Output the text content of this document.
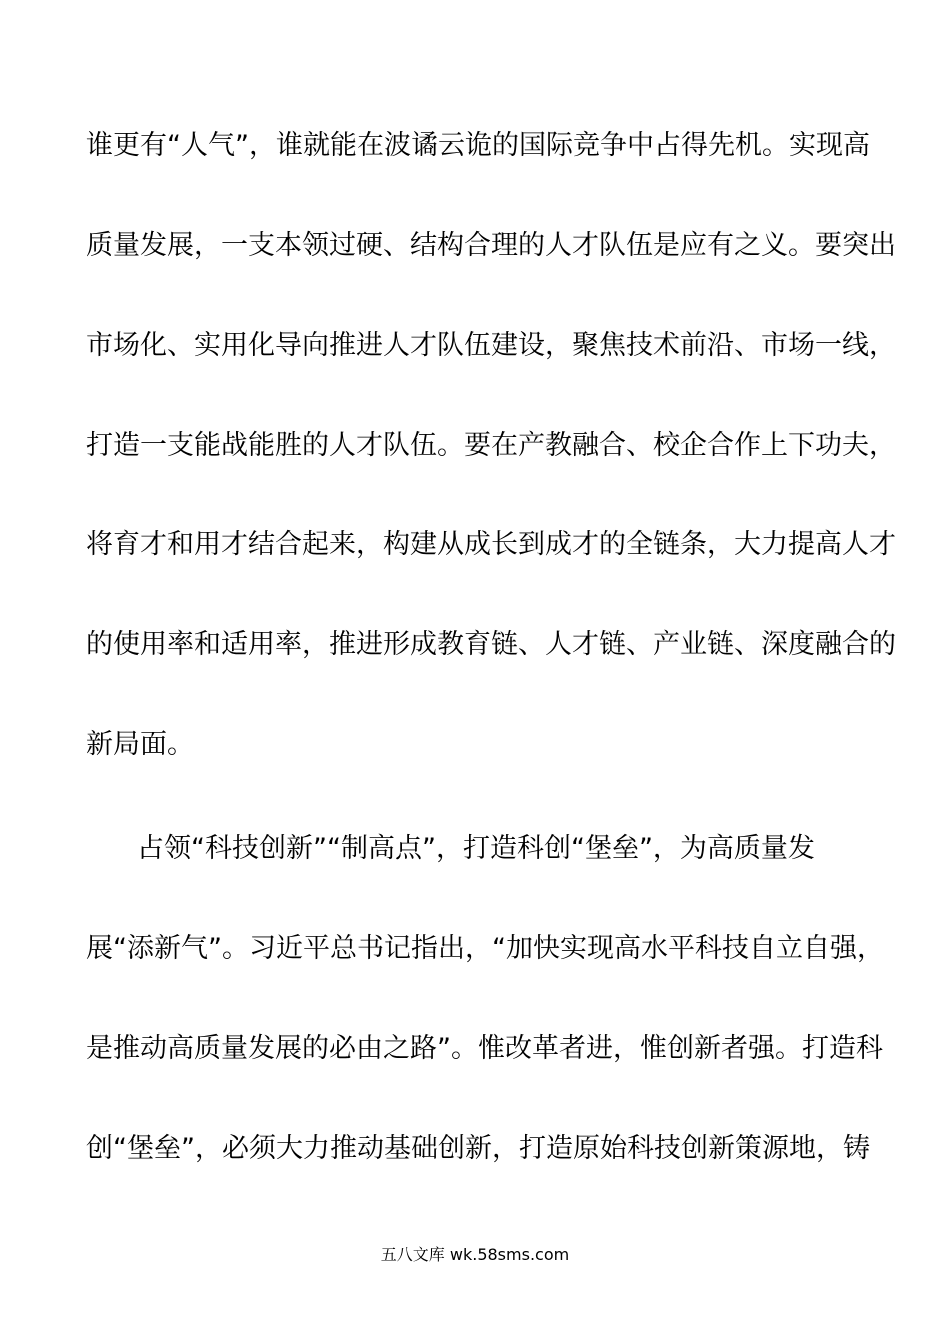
谁更有“人气”，谁就能在波谲云诡的国际竞争中占得先机。实现高
质量发展，一支本领过硬、结构合理的人才队伍是应有之义。要突出
市场化、实用化导向推进人才队伍建设，聚焦技术前沿、市场一线，
打造一支能战能胜的人才队伍。要在产教融合、校企合作上下功夫，
将育才和用才结合起来，构建从成长到成才的全链条，大力提高人才
的使用率和适用率，推进形成教育链、人才链、产业链、深度融合的
新局面。
占领“科技创新”“制高点”，打造科创“堡垒”，为高质量发
展“添新气”。习近平总书记指出，“加快实现高水平科技自立自强，
是推动高质量发展的必由之路”。惟改革者进，惟创新者强。打造科
创“堡垒”，必须大力推动基础创新，打造原始科技创新策源地，铸
五八文库 wk.58sms.com
